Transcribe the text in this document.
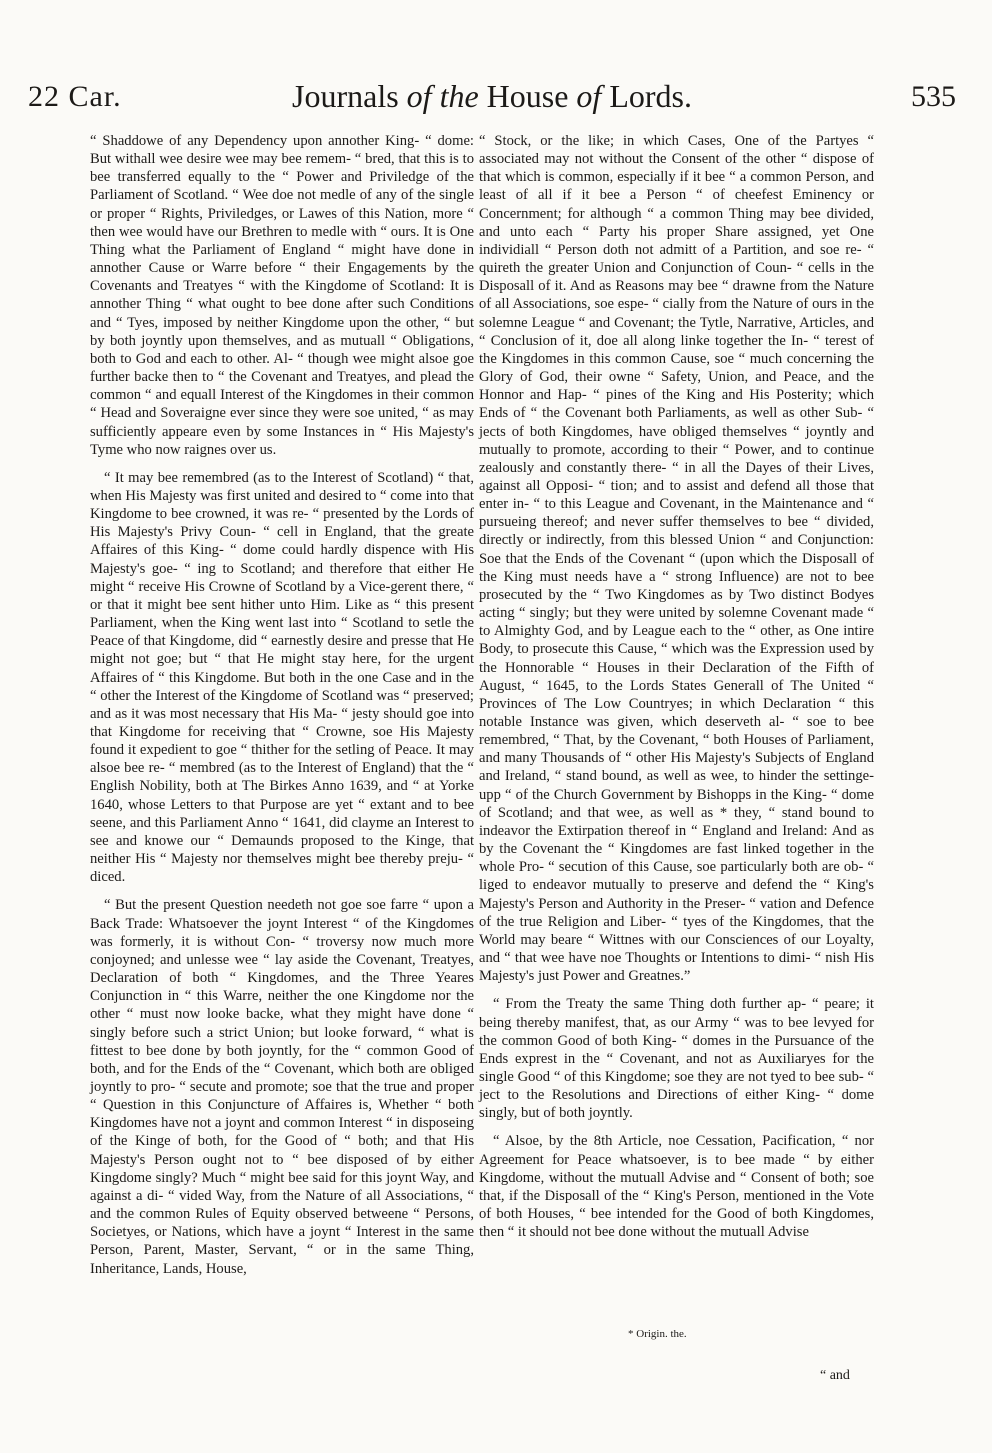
22 Car.	Journals of the House of Lords.	535

“ Shaddowe of any Dependency upon annother King- “ dome: But withall wee desire wee may bee remem- “ bred, that this is to bee transferred equally to the “ Power and Priviledge of the Parliament of Scotland. “ Wee doe not medle of any of the single or proper “ Rights, Priviledges, or Lawes of this Nation, more “ then wee would have our Brethren to medle with “ ours. It is One Thing what the Parliament of England “ might have done in annother Cause or Warre before “ their Engagements by the Covenants and Treatyes “ with the Kingdome of Scotland: It is annother Thing “ what ought to bee done after such Conditions and “ Tyes, imposed by neither Kingdome upon the other, “ but by both joyntly upon themselves, and as mutuall “ Obligations, both to God and each to other. Al- “ though wee might alsoe goe further backe then to “ the Covenant and Treatyes, and plead the common “ and equall Interest of the Kingdomes in their common “ Head and Soveraigne ever since they were soe united, “ as may sufficiently appeare even by some Instances in “ His Majesty's Tyme who now raignes over us.

“ It may bee remembred (as to the Interest of Scotland) “ that, when His Majesty was first united and desired to “ come into that Kingdome to bee crowned, it was re- “ presented by the Lords of His Majesty's Privy Coun- “ cell in England, that the greate Affaires of this King- “ dome could hardly dispence with His Majesty's goe- “ ing to Scotland; and therefore that either He might “ receive His Crowne of Scotland by a Vice-gerent there, “ or that it might bee sent hither unto Him. Like as “ this present Parliament, when the King went last into “ Scotland to setle the Peace of that Kingdome, did “ earnestly desire and presse that He might not goe; but “ that He might stay here, for the urgent Affaires of “ this Kingdome. But both in the one Case and in the “ other the Interest of the Kingdome of Scotland was “ preserved; and as it was most necessary that His Ma- “ jesty should goe into that Kingdome for receiving that “ Crowne, soe His Majesty found it expedient to goe “ thither for the setling of Peace. It may alsoe bee re- “ membred (as to the Interest of England) that the “ English Nobility, both at The Birkes Anno 1639, and “ at Yorke 1640, whose Letters to that Purpose are yet “ extant and to bee seene, and this Parliament Anno “ 1641, did clayme an Interest to see and knowe our “ Demaunds proposed to the Kinge, that neither His “ Majesty nor themselves might bee thereby preju- “ diced.

“ But the present Question needeth not goe soe farre “ upon a Back Trade: Whatsoever the joynt Interest “ of the Kingdomes was formerly, it is without Con- “ troversy now much more conjoyned; and unlesse wee “ lay aside the Covenant, Treatyes, Declaration of both “ Kingdomes, and the Three Yeares Conjunction in “ this Warre, neither the one Kingdome nor the other “ must now looke backe, what they might have done “ singly before such a strict Union; but looke forward, “ what is fittest to bee done by both joyntly, for the “ common Good of both, and for the Ends of the “ Covenant, which both are obliged joyntly to pro- “ secute and promote; soe that the true and proper “ Question in this Conjuncture of Affaires is, Whether “ both Kingdomes have not a joynt and common Interest “ in disposeing of the Kinge of both, for the Good of “ both; and that His Majesty's Person ought not to “ bee disposed of by either Kingdome singly? Much “ might bee said for this joynt Way, and against a di- “ vided Way, from the Nature of all Associations, “ and the common Rules of Equity observed betweene “ Persons, Societyes, or Nations, which have a joynt “ Interest in the same Person, Parent, Master, Servant, “ or in the same Thing, Inheritance, Lands, House,

“ Stock, or the like; in which Cases, One of the Partyes “ associated may not without the Consent of the other “ dispose of that which is common, especially if it bee “ a common Person, and least of all if it bee a Person “ of cheefest Eminency or Concernment; for although “ a common Thing may bee divided, and unto each “ Party his proper Share assigned, yet One individiall “ Person doth not admitt of a Partition, and soe re- “ quireth the greater Union and Conjunction of Coun- “ cells in the Disposall of it. And as Reasons may bee “ drawne from the Nature of all Associations, soe espe- “ cially from the Nature of ours in the solemne League “ and Covenant; the Tytle, Narrative, Articles, and “ Conclusion of it, doe all along linke together the In- “ terest of the Kingdomes in this common Cause, soe “ much concerning the Glory of God, their owne “ Safety, Union, and Peace, and the Honnor and Hap- “ pines of the King and His Posterity; which Ends of “ the Covenant both Parliaments, as well as other Sub- “ jects of both Kingdomes, have obliged themselves “ joyntly and mutually to promote, according to their “ Power, and to continue zealously and constantly there- “ in all the Dayes of their Lives, against all Opposi- “ tion; and to assist and defend all those that enter in- “ to this League and Covenant, in the Maintenance and “ pursueing thereof; and never suffer themselves to bee “ divided, directly or indirectly, from this blessed Union “ and Conjunction: Soe that the Ends of the Covenant “ (upon which the Disposall of the King must needs have a “ strong Influence) are not to bee prosecuted by the “ Two Kingdomes as by Two distinct Bodyes acting “ singly; but they were united by solemne Covenant made “ to Almighty God, and by League each to the “ other, as One intire Body, to prosecute this Cause, “ which was the Expression used by the Honnorable “ Houses in their Declaration of the Fifth of August, “ 1645, to the Lords States Generall of The United “ Provinces of The Low Countryes; in which Declaration “ this notable Instance was given, which deserveth al- “ soe to bee remembred, “ That, by the Covenant, “ both Houses of Parliament, and many Thousands of “ other His Majesty's Subjects of England and Ireland, “ stand bound, as well as wee, to hinder the settinge-upp “ of the Church Government by Bishopps in the King- “ dome of Scotland; and that wee, as well as * they, “ stand bound to indeavor the Extirpation thereof in “ England and Ireland: And as by the Covenant the “ Kingdomes are fast linked together in the whole Pro- “ secution of this Cause, soe particularly both are ob- “ liged to endeavor mutually to preserve and defend the “ King's Majesty's Person and Authority in the Preser- “ vation and Defence of the true Religion and Liber- “ tyes of the Kingdomes, that the World may beare “ Wittnes with our Consciences of our Loyalty, and “ that wee have noe Thoughts or Intentions to dimi- “ nish His Majesty's just Power and Greatnes.”

“ From the Treaty the same Thing doth further ap- “ peare; it being thereby manifest, that, as our Army “ was to bee levyed for the common Good of both King- “ domes in the Pursuance of the Ends exprest in the “ Covenant, and not as Auxiliaryes for the single Good “ of this Kingdome; soe they are not tyed to bee sub- “ ject to the Resolutions and Directions of either King- “ dome singly, but of both joyntly.

“ Alsoe, by the 8th Article, noe Cessation, Pacification, “ nor Agreement for Peace whatsoever, is to bee made “ by either Kingdome, without the mutuall Advise and “ Consent of both; soe that, if the Disposall of the “ King's Person, mentioned in the Vote of both Houses, “ bee intended for the Good of both Kingdomes, then “ it should not bee done without the mutuall Advise

* Origin. the.
“ and
